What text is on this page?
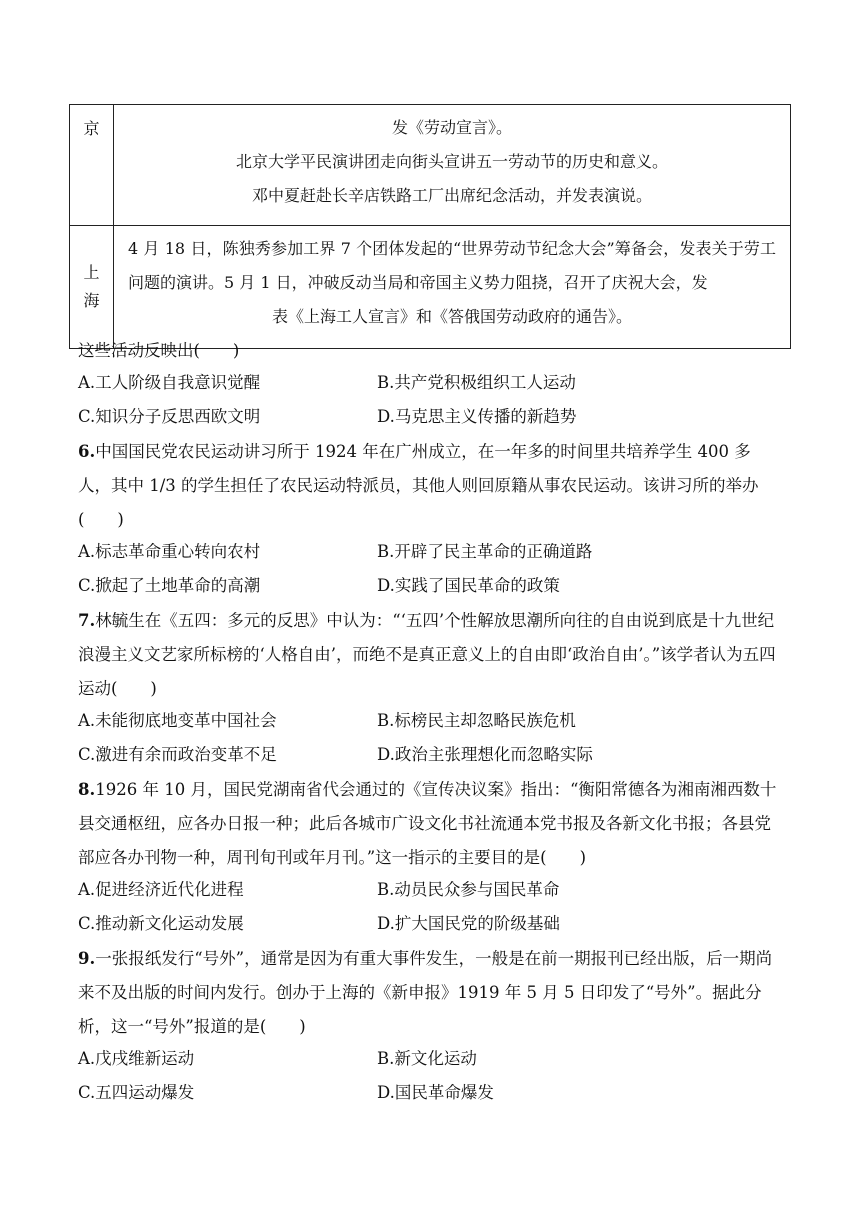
京	发《劳动宣言》。
北京大学平民演讲团走向街头宣讲五一劳动节的历史和意义。
邓中夏赶赴长辛店铁路工厂出席纪念活动，并发表演说。

上
海	4 月 18 日，陈独秀参加工界 7 个团体发起的“世界劳动节纪念大会”筹备会，发表关于劳工问题的演讲。5 月 1 日，冲破反动当局和帝国主义势力阻挠，召开了庆祝大会，发
表《上海工人宣言》和《答俄国劳动政府的通告》。
这些活动反映出(　　)
A.工人阶级自我意识觉醒	B.共产党积极组织工人运动
C.知识分子反思西欧文明	D.马克思主义传播的新趋势
6.中国国民党农民运动讲习所于 1924 年在广州成立，在一年多的时间里共培养学生 400 多人，其中 1/3 的学生担任了农民运动特派员，其他人则回原籍从事农民运动。该讲习所的举办(　　)
A.标志革命重心转向农村	B.开辟了民主革命的正确道路
C.掀起了土地革命的高潮	D.实践了国民革命的政策
7.林毓生在《五四：多元的反思》中认为：“‘五四’个性解放思潮所向往的自由说到底是十九世纪浪漫主义文艺家所标榜的‘人格自由’，而绝不是真正意义上的自由即‘政治自由’。”该学者认为五四运动(　　)
A.未能彻底地变革中国社会	B.标榜民主却忽略民族危机
C.激进有余而政治变革不足	D.政治主张理想化而忽略实际
8.1926 年 10 月，国民党湖南省代会通过的《宣传决议案》指出：“衡阳常德各为湘南湘西数十县交通枢纽，应各办日报一种；此后各城市广设文化书社流通本党书报及各新文化书报；各县党部应各办刊物一种，周刊旬刊或年月刊。”这一指示的主要目的是(　　)
A.促进经济近代化进程	B.动员民众参与国民革命
C.推动新文化运动发展	D.扩大国民党的阶级基础
9.一张报纸发行“号外”，通常是因为有重大事件发生，一般是在前一期报刊已经出版，后一期尚来不及出版的时间内发行。创办于上海的《新申报》1919 年 5 月 5 日印发了“号外”。据此分析，这一“号外”报道的是(　　)
A.戊戌维新运动	B.新文化运动
C.五四运动爆发	D.国民革命爆发
